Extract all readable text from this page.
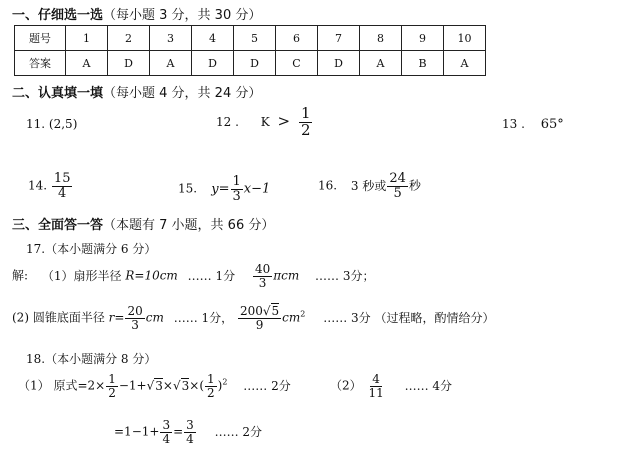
一、仔细选一选（每小题 3 分，共 30 分）
题号	1	2	3	4	5	6	7	8	9	10
答案	A	D	A	D	D	C	D	A	B	A
二、认真填一填（每小题 4 分，共 24 分）
11. (2,5)	12 . $K > \frac{1}{2}$	13 . 65°
14. $\frac{15}{4}$	15. $y= \frac{1}{3} x-1$	16. 3 秒或 $\frac{24}{5}$ 秒
三、全面答一答（本题有 7 小题，共 66 分）
17.（本小题满分 6 分）
解: （1）扇形半径 R=10cm …… 1分 $\frac{40}{3}$ πcm …… 3分；
(2) 圆锥底面半径 $r= \frac{20}{3}$ cm …… 1分， $\frac{200√5}{9} cm^2$ …… 3分 （过程略，酌情给分）
18.（本小题满分 8 分）
（1） 原式$=2\times \frac{1}{2} -1+√3\times√3\times( \frac{1}{2} )^2$ …… 2分	$(2) \frac{4}{11}$ …… 4分
$=1-1+ \frac{3}{4} = \frac{3}{4}$ …… 2分
